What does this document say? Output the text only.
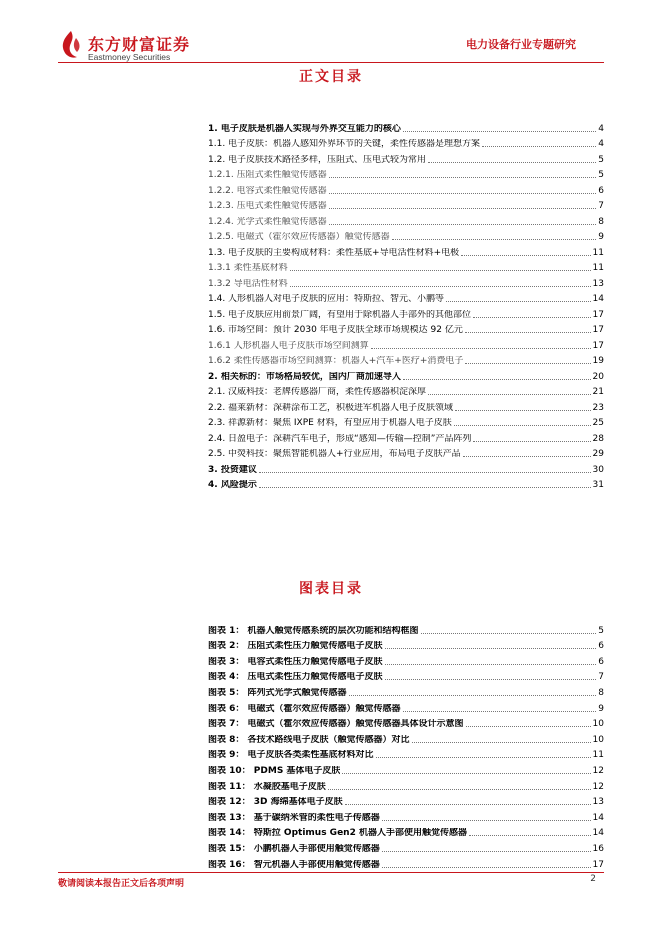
东方财富证券
Eastmoney Securities
电力设备行业专题研究
正文目录
1. 电子皮肤是机器人实现与外界交互能力的核心	4
1.1. 电子皮肤：机器人感知外界环节的关键，柔性传感器是理想方案	4
1.2. 电子皮肤技术路径多样，压阻式、压电式较为常用	5
1.2.1. 压阻式柔性触觉传感器	5
1.2.2. 电容式柔性触觉传感器	6
1.2.3. 压电式柔性触觉传感器	7
1.2.4. 光学式柔性触觉传感器	8
1.2.5. 电磁式（霍尔效应传感器）触觉传感器	9
1.3. 电子皮肤的主要构成材料：柔性基底+导电活性材料+电极	11
1.3.1 柔性基底材料	11
1.3.2 导电活性材料	13
1.4. 人形机器人对电子皮肤的应用：特斯拉、智元、小鹏等	14
1.5. 电子皮肤应用前景广阔，有望用于除机器人手部外的其他部位	17
1.6. 市场空间：预计 2030 年电子皮肤全球市场规模达 92 亿元	17
1.6.1 人形机器人电子皮肤市场空间测算	17
1.6.2 柔性传感器市场空间测算：机器人+汽车+医疗+消费电子	19
2. 相关标的：市场格局较优，国内厂商加速导入	20
2.1. 汉威科技：老牌传感器厂商，柔性传感器积淀深厚	21
2.2. 福莱新材：深耕涂布工艺，积极进军机器人电子皮肤领域	23
2.3. 祥源新材：聚焦 IXPE 材料，有望应用于机器人电子皮肤	25
2.4. 日盈电子：深耕汽车电子，形成“感知—传输—控制”产品阵列	28
2.5. 中熒科技：聚焦智能机器人+行业应用，布局电子皮肤产品	29
3. 投资建议	30
4. 风险提示	31
图表目录
图表 1： 机器人触觉传感系统的层次功能和结构框图	5
图表 2： 压阻式柔性压力触觉传感电子皮肤	6
图表 3： 电容式柔性压力触觉传感电子皮肤	6
图表 4： 压电式柔性压力触觉传感电子皮肤	7
图表 5： 阵列式光学式触觉传感器	8
图表 6： 电磁式（霍尔效应传感器）触觉传感器	9
图表 7： 电磁式（霍尔效应传感器）触觉传感器具体设计示意图	10
图表 8： 各技术路线电子皮肤（触觉传感器）对比	10
图表 9： 电子皮肤各类柔性基底材料对比	11
图表 10： PDMS 基体电子皮肤	12
图表 11： 水凝胶基电子皮肤	12
图表 12： 3D 海绵基体电子皮肤	13
图表 13： 基于碳纳米管的柔性电子传感器	14
图表 14： 特斯拉 Optimus Gen2 机器人手部使用触觉传感器	14
图表 15： 小鹏机器人手部使用触觉传感器	16
图表 16： 智元机器人手部使用触觉传感器	17
敬请阅读本报告正文后各项声明	2
